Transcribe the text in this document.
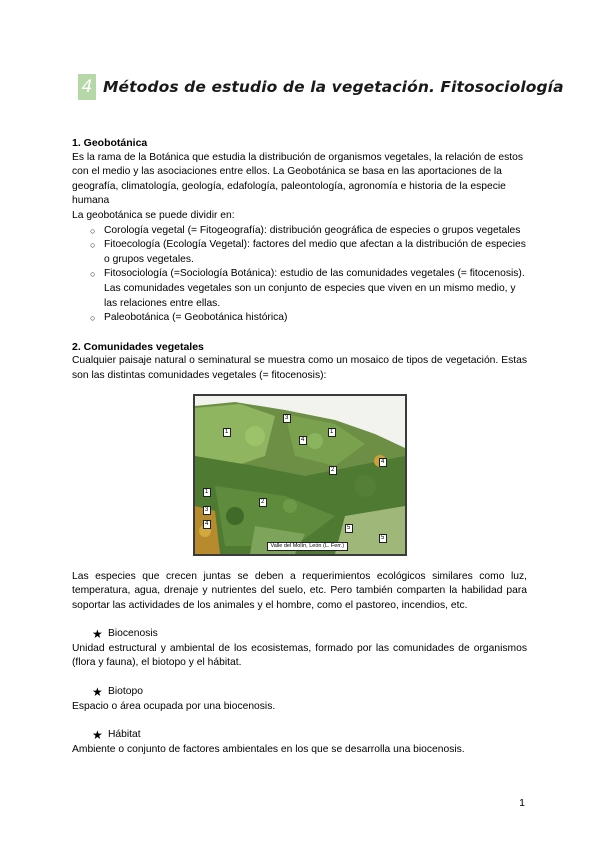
4 Métodos de estudio de la vegetación. Fitosociología
1. Geobotánica

Es la rama de la Botánica que estudia la distribución de organismos vegetales, la relación de estos con el medio y las asociaciones entre ellos. La Geobotánica se basa en las aportaciones de la geografía, climatología, geología, edafología, paleontología, agronomía e historia de la especie humana

La geobotánica se puede dividir en:

○ Corología vegetal (= Fitogeografía): distribución geográfica de especies o grupos vegetales
○ Fitoecología (Ecología Vegetal): factores del medio que afectan a la distribución de especies o grupos vegetales.
○ Fitosociología (=Sociología Botánica): estudio de las comunidades vegetales (= fitocenosis). Las comunidades vegetales son un conjunto de especies que viven en un mismo medio, y las relaciones entre ellas.
○ Paleobotánica (= Geobotánica histórica)
2. Comunidades vegetales

Cualquier paisaje natural o seminatural se muestra como un mosaico de tipos de vegetación. Estas son las distintas comunidades vegetales (= fitocenosis):

3
1
4
1
2
4
4
1
2
3
5
5
Valle del Molín, León (L. Ferr.)

Las especies que crecen juntas se deben a requerimientos ecológicos similares como luz, temperatura, agua, drenaje y nutrientes del suelo, etc. Pero también comparten la habilidad para soportar las actividades de los animales y el hombre, como el pastoreo, incendios, etc.

★ Biocenosis

Unidad estructural y ambiental de los ecosistemas, formado por las comunidades de organismos (flora y fauna), el biotopo y el hábitat.

★ Biotopo

Espacio o área ocupada por una biocenosis.

★ Hábitat

Ambiente o conjunto de factores ambientales en los que se desarrolla una biocenosis.

1
